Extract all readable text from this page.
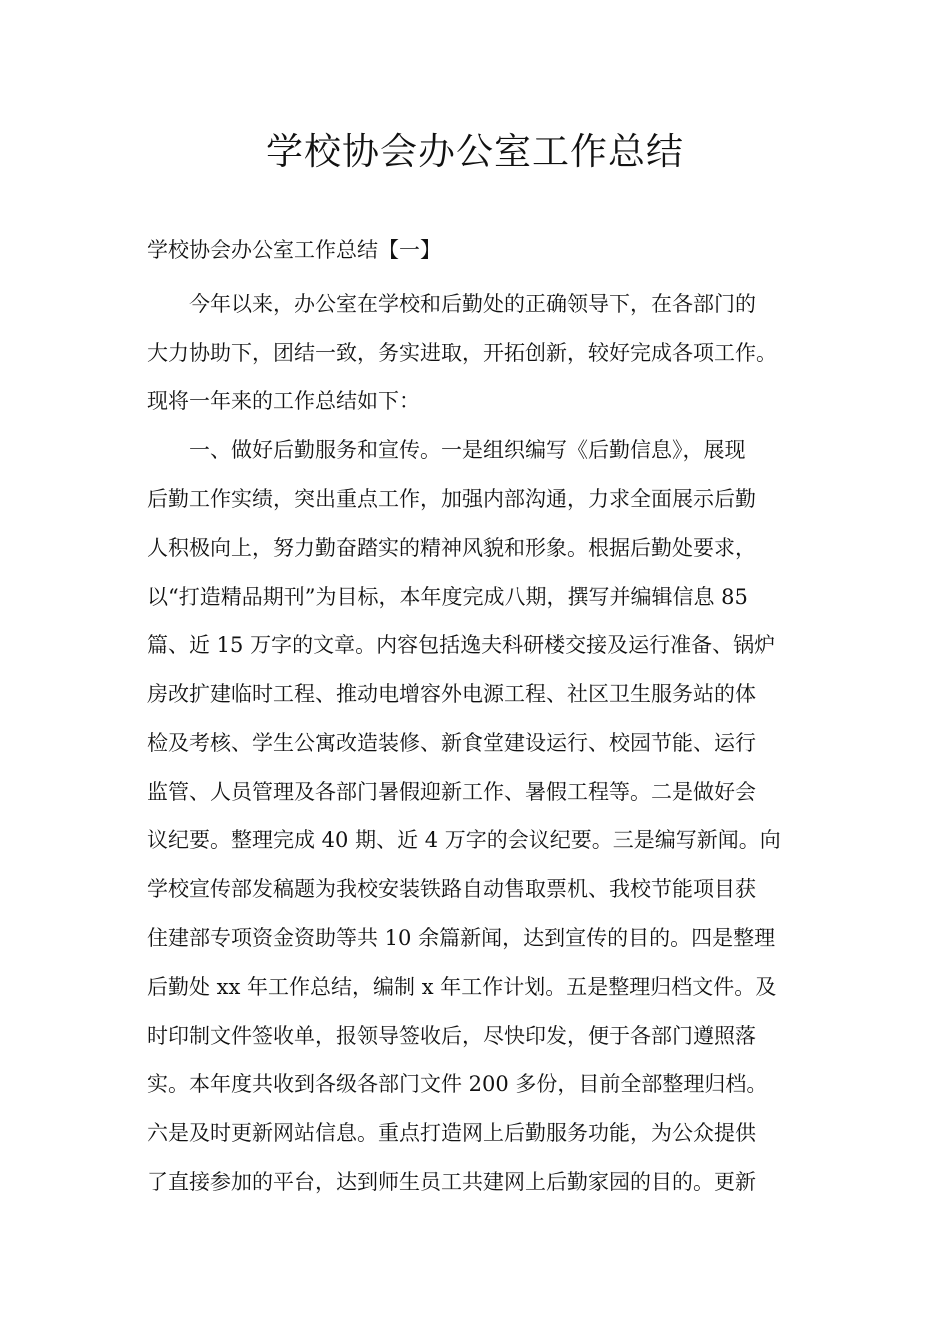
学校协会办公室工作总结
学校协会办公室工作总结【一】

今年以来，办公室在学校和后勤处的正确领导下，在各部门的

大力协助下，团结一致，务实进取，开拓创新，较好完成各项工作。

现将一年来的工作总结如下：

一、做好后勤服务和宣传。一是组织编写《后勤信息》，展现

后勤工作实绩，突出重点工作，加强内部沟通，力求全面展示后勤

人积极向上，努力勤奋踏实的精神风貌和形象。根据后勤处要求，

以“打造精品期刊”为目标，本年度完成八期，撰写并编辑信息 85

篇、近 15 万字的文章。内容包括逸夫科研楼交接及运行准备、锅炉

房改扩建临时工程、推动电增容外电源工程、社区卫生服务站的体

检及考核、学生公寓改造装修、新食堂建设运行、校园节能、运行

监管、人员管理及各部门暑假迎新工作、暑假工程等。二是做好会

议纪要。整理完成 40 期、近 4 万字的会议纪要。三是编写新闻。向

学校宣传部发稿题为我校安装铁路自动售取票机、我校节能项目获

住建部专项资金资助等共 10 余篇新闻，达到宣传的目的。四是整理

后勤处 xx 年工作总结，编制 x 年工作计划。五是整理归档文件。及

时印制文件签收单，报领导签收后，尽快印发，便于各部门遵照落

实。本年度共收到各级各部门文件 200 多份，目前全部整理归档。

六是及时更新网站信息。重点打造网上后勤服务功能，为公众提供

了直接参加的平台，达到师生员工共建网上后勤家园的目的。更新
